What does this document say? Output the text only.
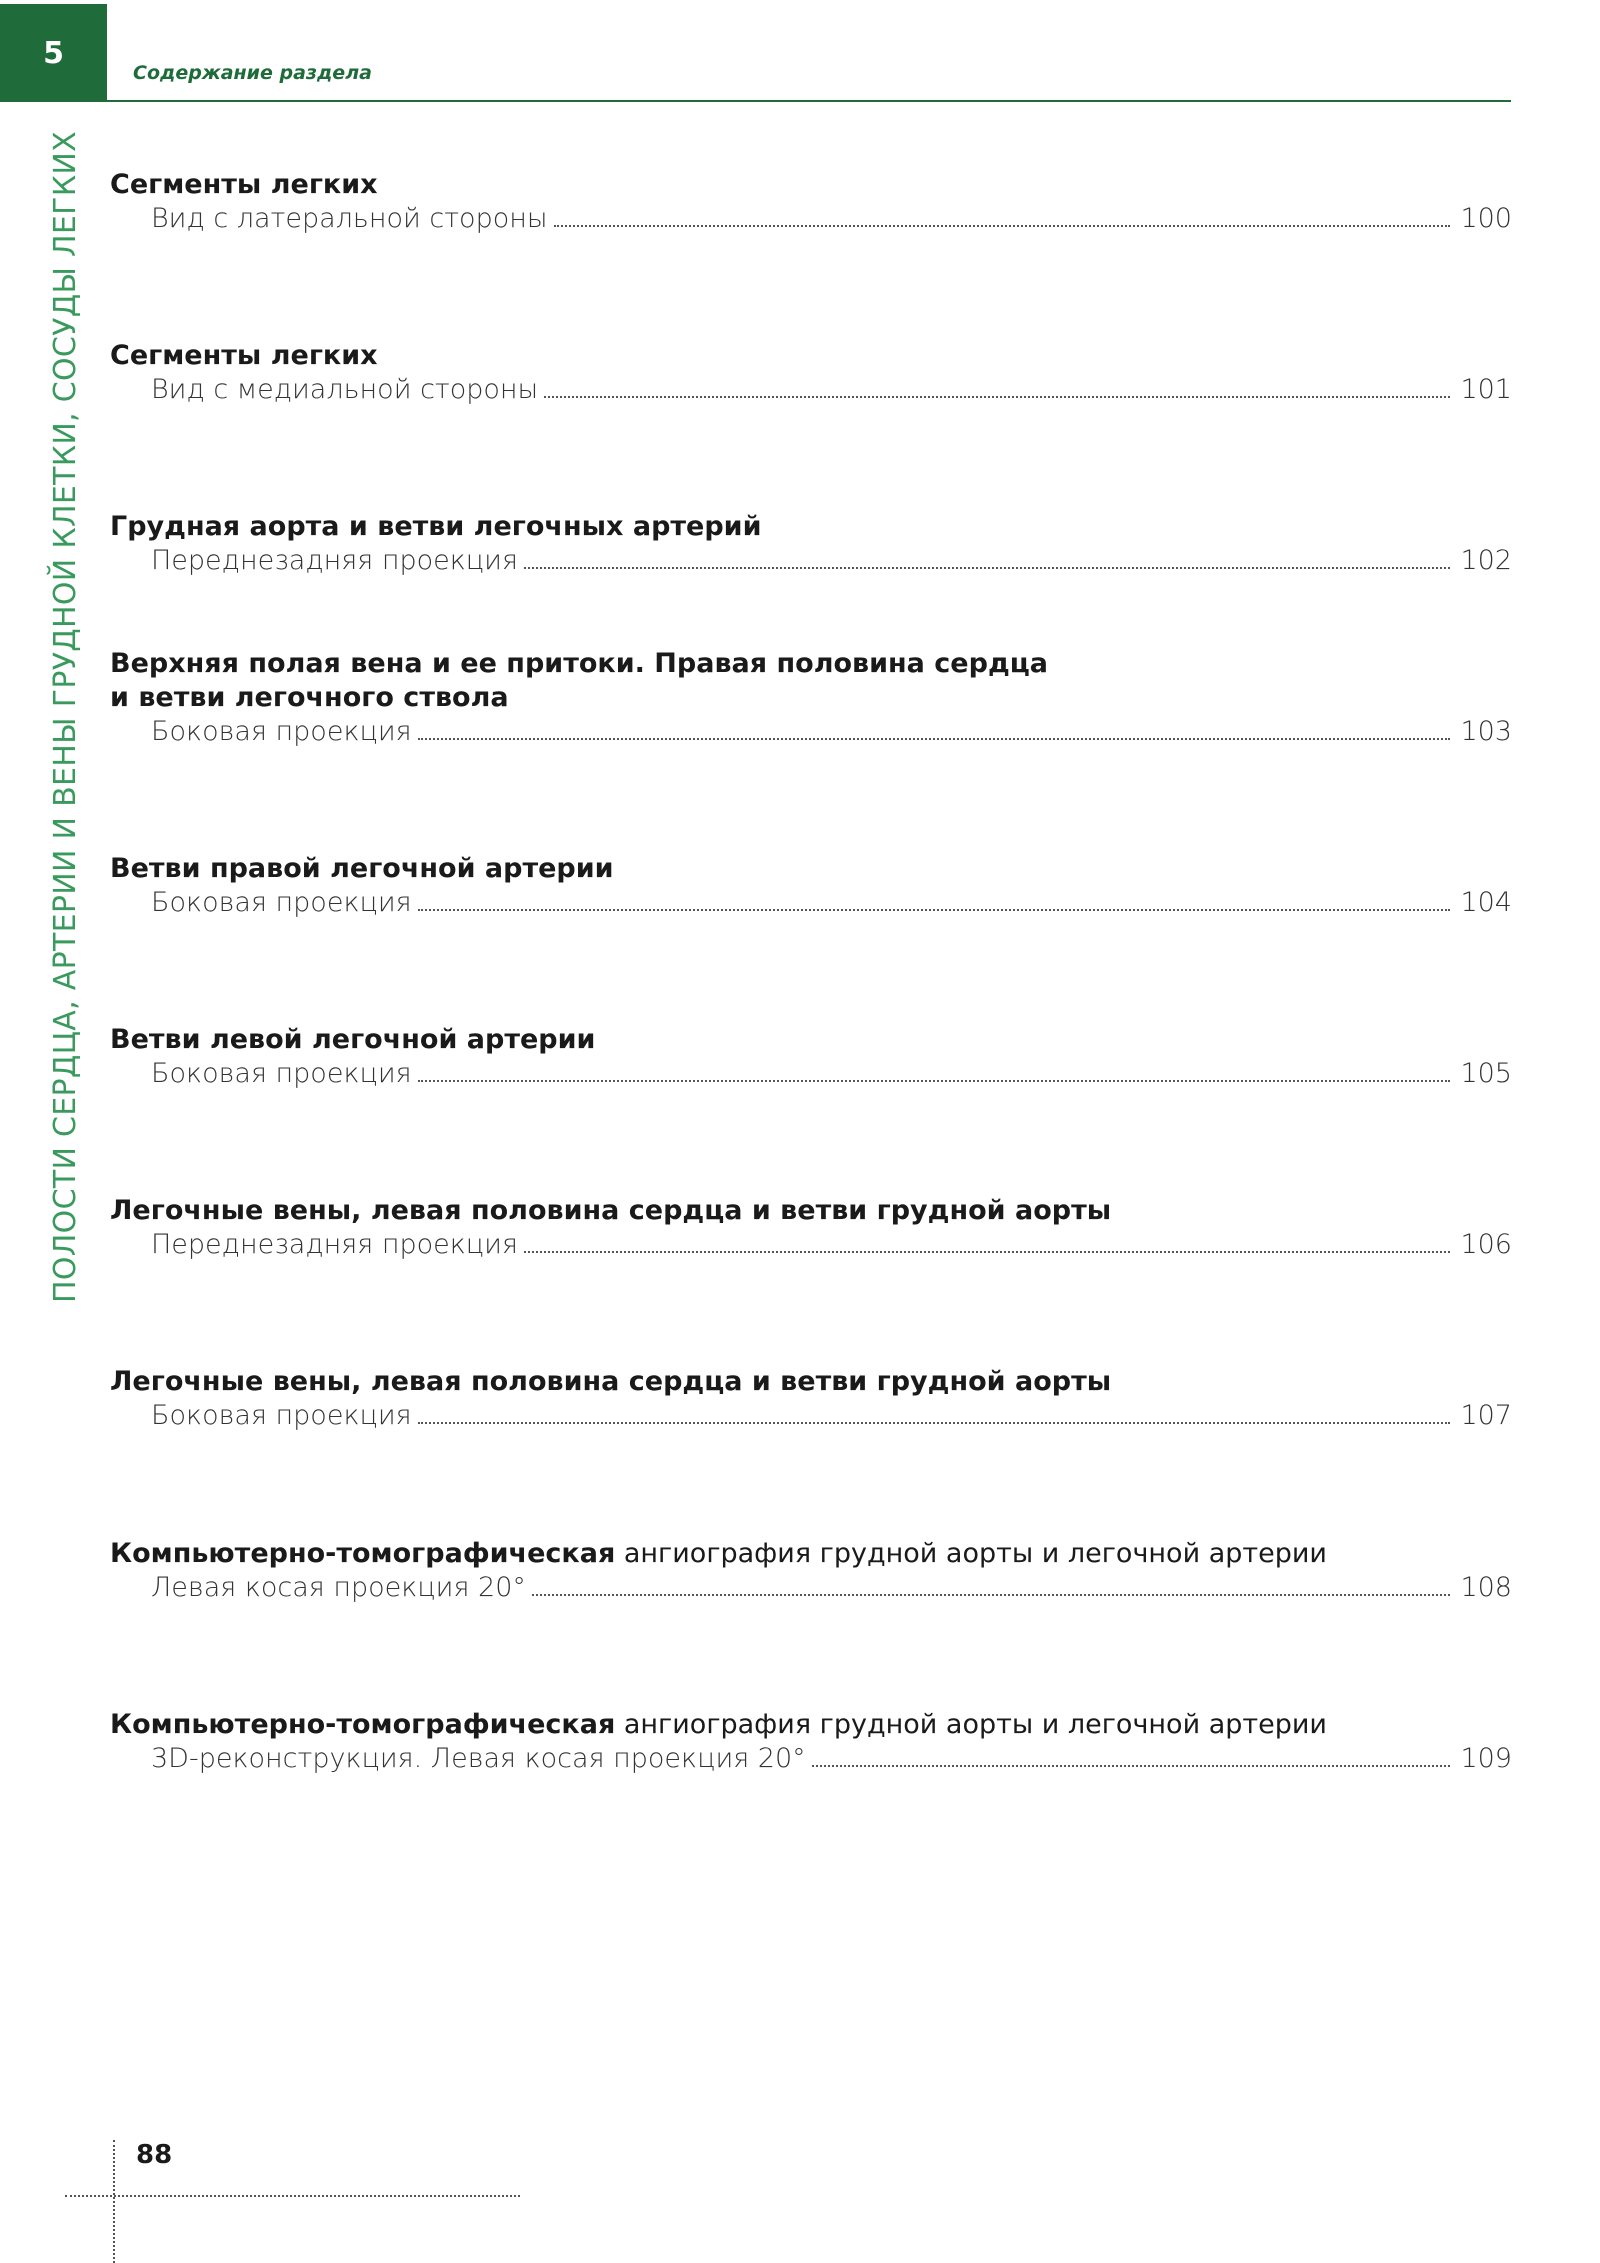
5
Содержание раздела
ПОЛОСТИ СЕРДЦА, АРТЕРИИ И ВЕНЫ ГРУДНОЙ КЛЕТКИ, СОСУДЫ ЛЕГКИХ Сегменты легких

Вид с латеральной стороны	100

Сегменты легких

Вид с медиальной стороны	101

Грудная аорта и ветви легочных артерий

Переднезадняя проекция	102

Верхняя полая вена и ее притоки. Правая половина сердца

и ветви легочного ствола

Боковая проекция	103

Ветви правой легочной артерии

Боковая проекция	104

Ветви левой легочной артерии

Боковая проекция	105

Легочные вены, левая половина сердца и ветви грудной аорты

Переднезадняя проекция	106

Легочные вены, левая половина сердца и ветви грудной аорты

Боковая проекция	107

Компьютерно-томографическая ангиография грудной аорты и легочной артерии

Левая косая проекция 20°	108

Компьютерно-томографическая ангиография грудной аорты и легочной артерии

3D-реконструкция. Левая косая проекция 20°	109
88
